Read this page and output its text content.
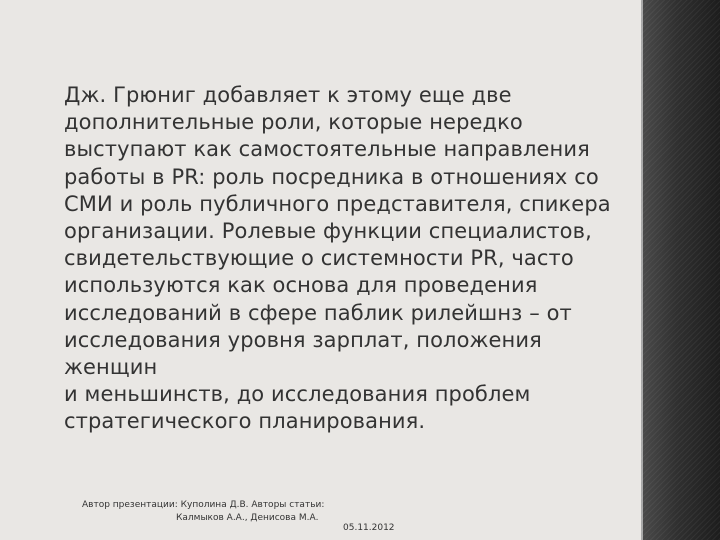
Дж. Грюниг добавляет к этому еще две
дополнительные роли, которые нередко
выступают как самостоятельные направления
работы в PR: роль посредника в отношениях со
СМИ и роль публичного представителя, спикера
организации. Ролевые функции специалистов,
свидетельствующие о системности PR, часто
используются как основа для проведения
исследований в сфере паблик рилейшнз – от
исследования уровня зарплат, положения женщин
и меньшинств, до исследования проблем
стратегического планирования.

Автор презентации: Куполина Д.В. Авторы статьи:
Калмыков А.А., Денисова М.А.
05.11.2012
